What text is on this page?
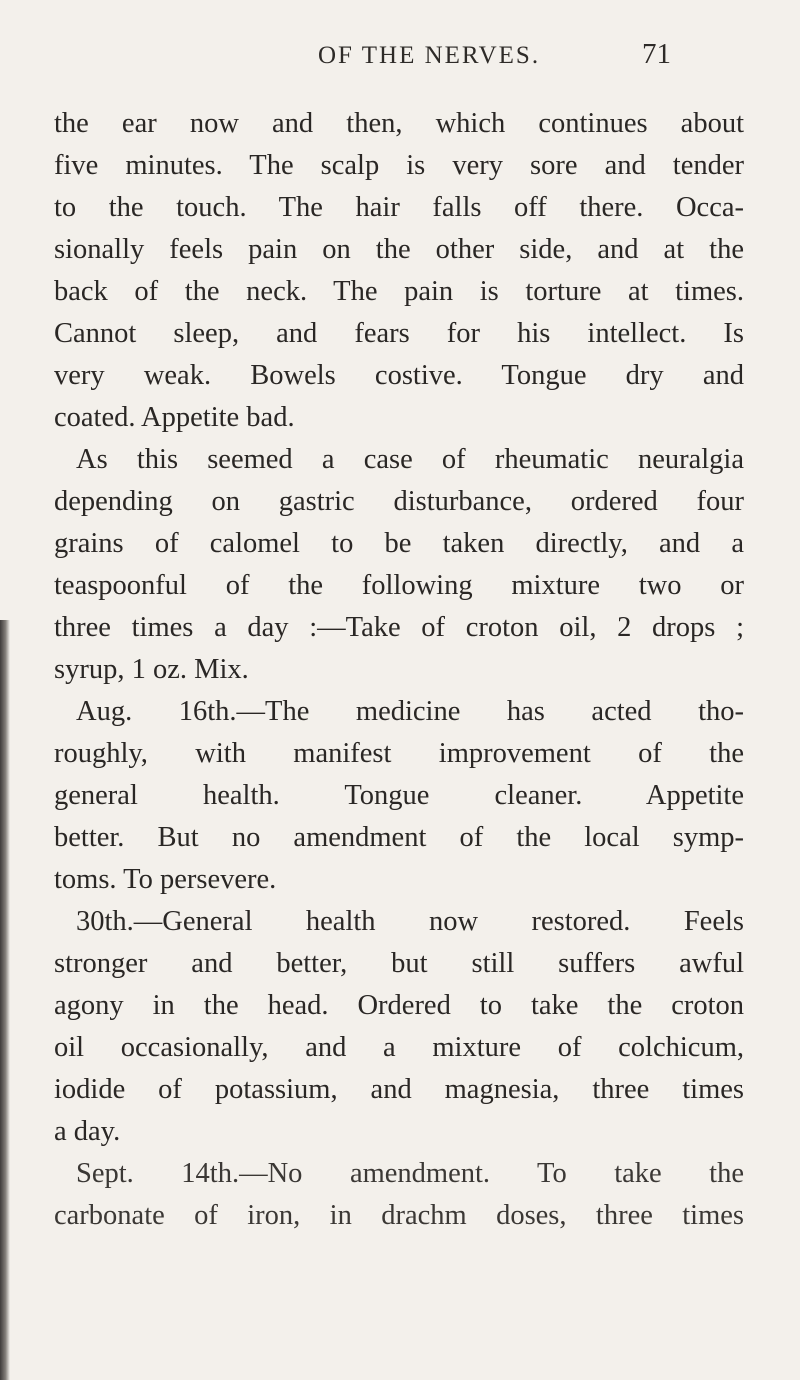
OF THE NERVES.	71
the ear now and then, which continues about
five minutes. The scalp is very sore and tender
to the touch. The hair falls off there. Occa-
sionally feels pain on the other side, and at the
back of the neck. The pain is torture at times.
Cannot sleep, and fears for his intellect. Is
very weak. Bowels costive. Tongue dry and
coated. Appetite bad.
As this seemed a case of rheumatic neuralgia
depending on gastric disturbance, ordered four
grains of calomel to be taken directly, and a
teaspoonful of the following mixture two or
three times a day :—Take of croton oil, 2 drops ;
syrup, 1 oz. Mix.
Aug. 16th.—The medicine has acted tho-
roughly, with manifest improvement of the
general health. Tongue cleaner. Appetite
better. But no amendment of the local symp-
toms. To persevere.
30th.—General health now restored. Feels
stronger and better, but still suffers awful
agony in the head. Ordered to take the croton
oil occasionally, and a mixture of colchicum,
iodide of potassium, and magnesia, three times
a day.
Sept. 14th.—No amendment. To take the
carbonate of iron, in drachm doses, three times
